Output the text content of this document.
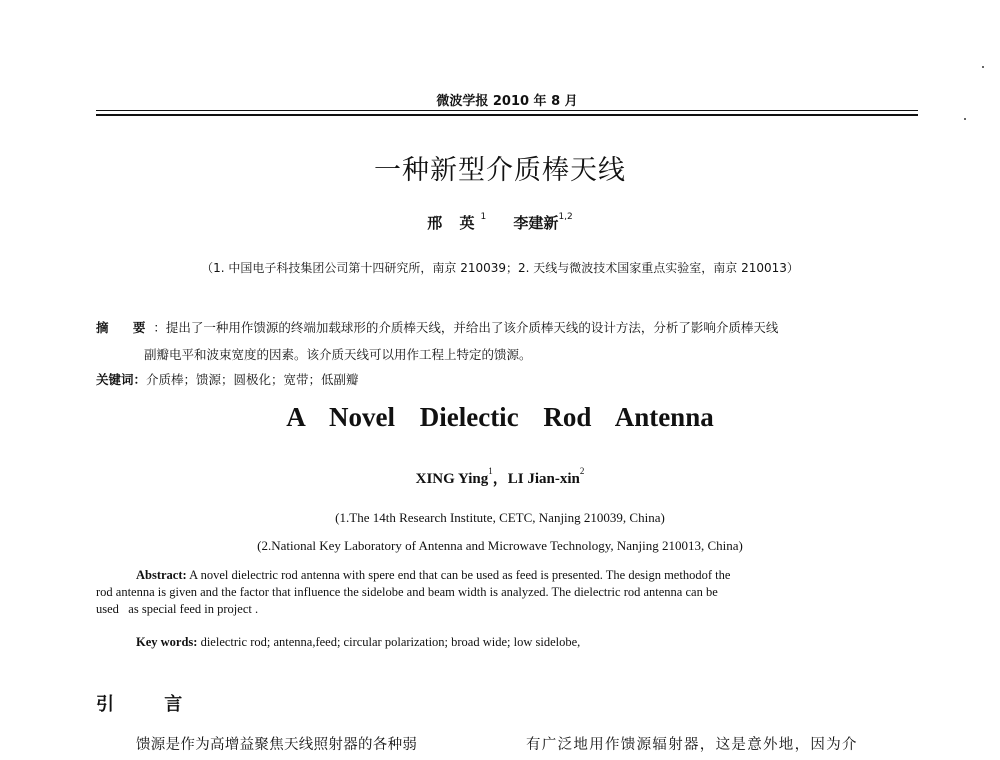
微波学报 2010 年 8 月
一种新型介质棒天线
邢 英$^1$ 李建新$^{1,2}$
（1. 中国电子科技集团公司第十四研究所，南京 210039；2. 天线与微波技术国家重点实验室，南京 210013）
摘 要：提出了一种用作馈源的终端加载球形的介质棒天线，并给出了该介质棒天线的设计方法，分析了影响介质棒天线
副瓣电平和波束宽度的因素。该介质天线可以用作工程上特定的馈源。
关键词：介质棒；馈源；圆极化；宽带；低副瓣
A Novel Dielectic Rod Antenna
XING Ying$^1$，LI Jian-xin$^2$
(1.The 14th Research Institute, CETC, Nanjing 210039, China)
(2.National Key Laboratory of Antenna and Microwave Technology, Nanjing 210013, China)
Abstract: A novel dielectric rod antenna with spere end that can be used as feed is presented. The design methodof the
rod antenna is given and the factor that influence the sidelobe and beam width is analyzed. The dielectric rod antenna can be
used   as special feed in project .
Key words: dielectric rod; antenna,feed; circular polarization; broad wide; low sidelobe,
引 言
馈源是作为高增益聚焦天线照射器的各种弱	有广泛地用作馈源辐射器，这是意外地，因为介
